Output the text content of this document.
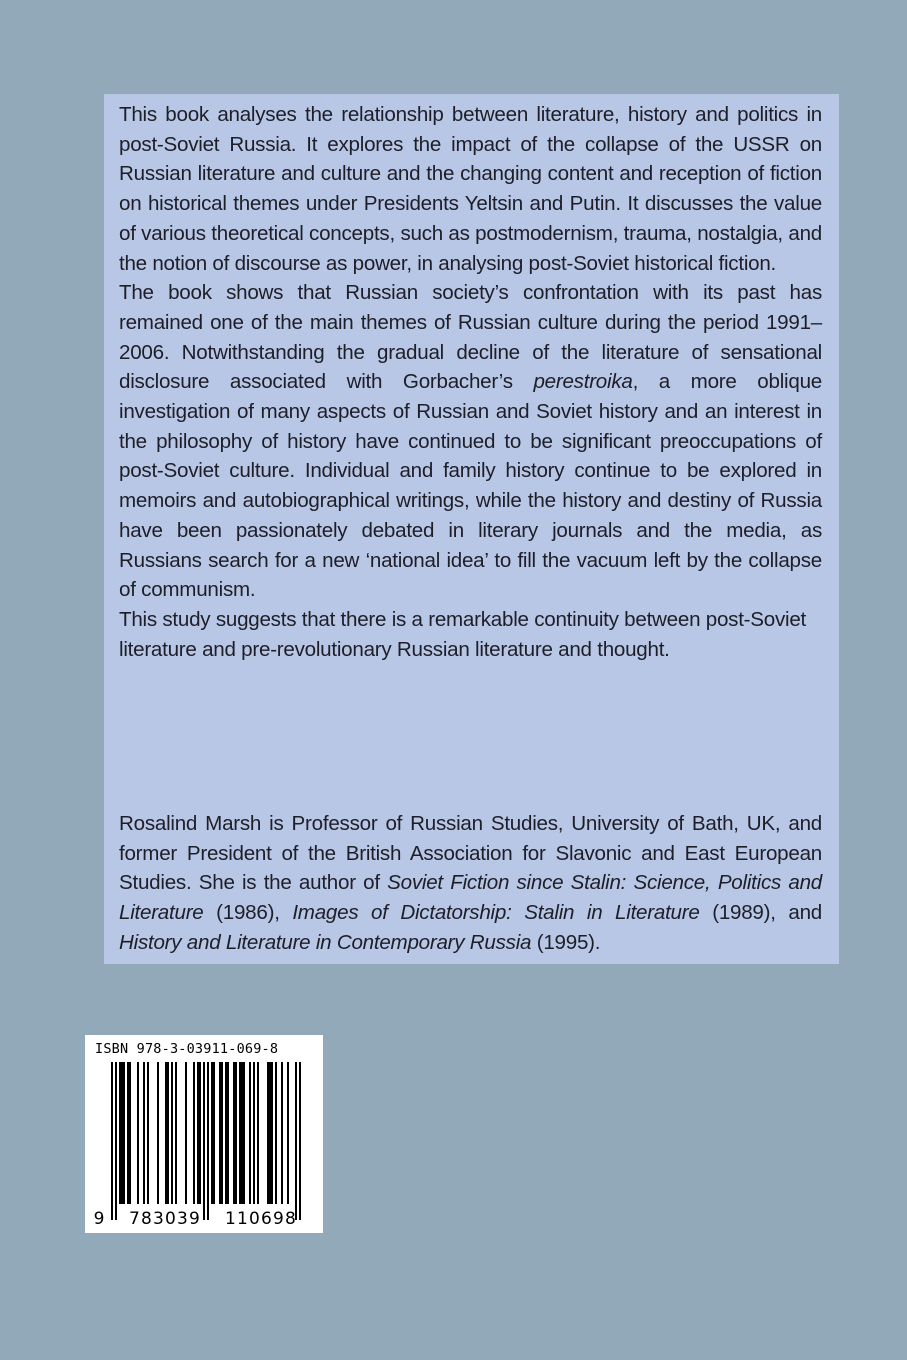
This book analyses the relationship between literature, history and politics in post-Soviet Russia. It explores the impact of the collapse of the USSR on Russian literature and culture and the changing content and reception of fiction on historical themes under Presidents Yeltsin and Putin. It discusses the value of various theoretical concepts, such as postmodernism, trauma, nostalgia, and the notion of discourse as power, in analysing post-Soviet historical fiction.

The book shows that Russian society’s confrontation with its past has remained one of the main themes of Russian culture during the period 1991–2006. Notwithstanding the gradual decline of the literature of sensational disclosure associated with Gorbacher’s perestroika, a more oblique investigation of many aspects of Russian and Soviet history and an interest in the philosophy of history have continued to be significant preoccupations of post-Soviet culture. Individual and family history continue to be explored in memoirs and autobiographical writings, while the history and destiny of Russia have been passionately debated in literary journals and the media, as Russians search for a new ‘national idea’ to fill the vacuum left by the collapse of communism.

This study suggests that there is a remarkable continuity between post-Soviet literature and pre-revolutionary Russian literature and thought.

Rosalind Marsh is Professor of Russian Studies, University of Bath, UK, and former President of the British Association for Slavonic and East European Studies. She is the author of Soviet Fiction since Stalin: Science, Politics and Literature (1986), Images of Dictatorship: Stalin in Literature (1989), and History and Literature in Contemporary Russia (1995).

ISBN 978-3-03911-069-8
9 783039 110698
